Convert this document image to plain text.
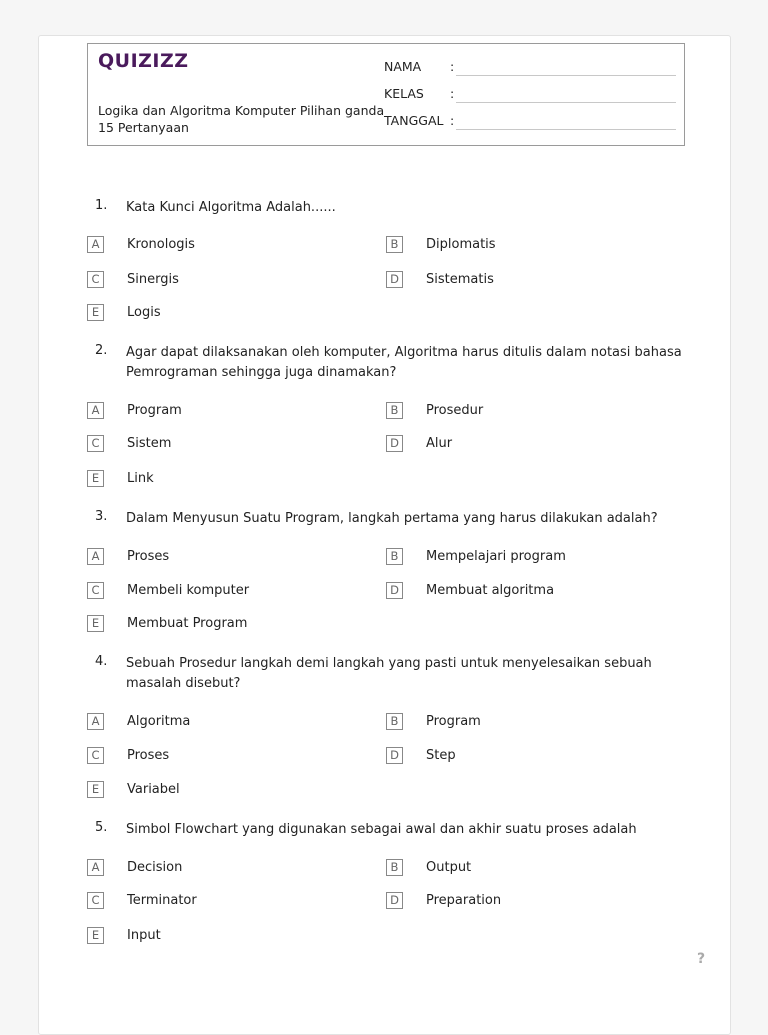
QUIZIZZ
Logika dan Algoritma Komputer Pilihan ganda
15 Pertanyaan
NAMA :
KELAS :
TANGGAL :
1. Kata Kunci Algoritma Adalah......
A	Kronologis	B	Diplomatis
C	Sinergis	D	Sistematis
E	Logis
2. Agar dapat dilaksanakan oleh komputer, Algoritma harus ditulis dalam notasi bahasa Pemrograman sehingga juga dinamakan?
A	Program	B	Prosedur
C	Sistem	D	Alur
E	Link
3. Dalam Menyusun Suatu Program, langkah pertama yang harus dilakukan adalah?
A	Proses	B	Mempelajari program
C	Membeli komputer	D	Membuat algoritma
E	Membuat Program
4. Sebuah Prosedur langkah demi langkah yang pasti untuk menyelesaikan sebuah masalah disebut?
A	Algoritma	B	Program
C	Proses	D	Step
E	Variabel
5. Simbol Flowchart yang digunakan sebagai awal dan akhir suatu proses adalah
A	Decision	B	Output
C	Terminator	D	Preparation
E	Input
?
